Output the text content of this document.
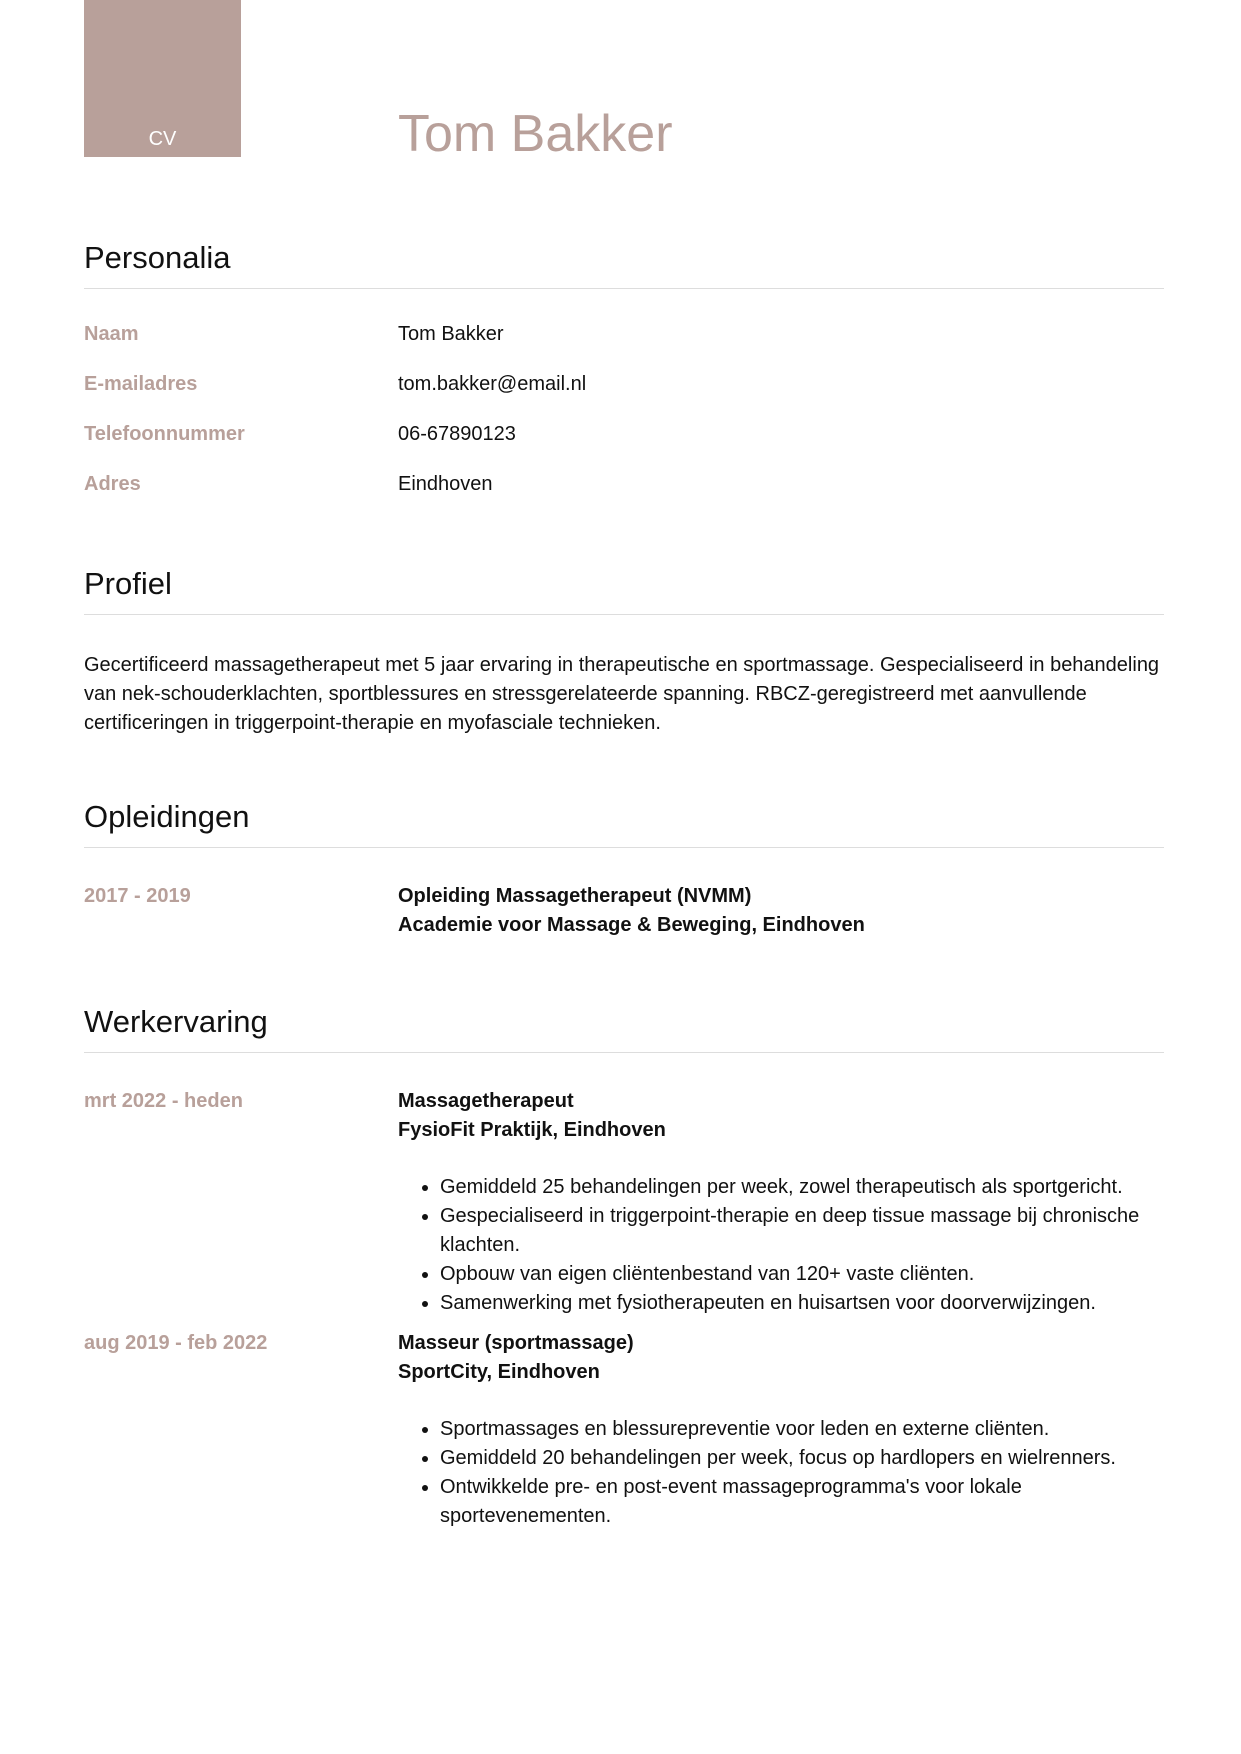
CV	Tom Bakker
Personalia
Naam	Tom Bakker
E-mailadres	tom.bakker@email.nl
Telefoonnummer	06-67890123
Adres	Eindhoven
Profiel

Gecertificeerd massagetherapeut met 5 jaar ervaring in therapeutische en sportmassage. Gespecialiseerd in behandeling van nek-schouderklachten, sportblessures en stressgerelateerde spanning. RBCZ-geregistreerd met aanvullende certificeringen in triggerpoint-therapie en myofasciale technieken.

Opleidingen
2017 - 2019	Opleiding Massagetherapeut (NVMM)
Academie voor Massage & Beweging, Eindhoven
Werkervaring
mrt 2022 - heden	Massagetherapeut
FysioFit Praktijk, Eindhoven
• Gemiddeld 25 behandelingen per week, zowel therapeutisch als sportgericht.
• Gespecialiseerd in triggerpoint-therapie en deep tissue massage bij chronische klachten.
• Opbouw van eigen cliëntenbestand van 120+ vaste cliënten.
• Samenwerking met fysiotherapeuten en huisartsen voor doorverwijzingen.
aug 2019 - feb 2022	Masseur (sportmassage)
SportCity, Eindhoven
• Sportmassages en blessurepreventie voor leden en externe cliënten.
• Gemiddeld 20 behandelingen per week, focus op hardlopers en wielrenners.
• Ontwikkelde pre- en post-event massageprogramma's voor lokale sportevenementen.
